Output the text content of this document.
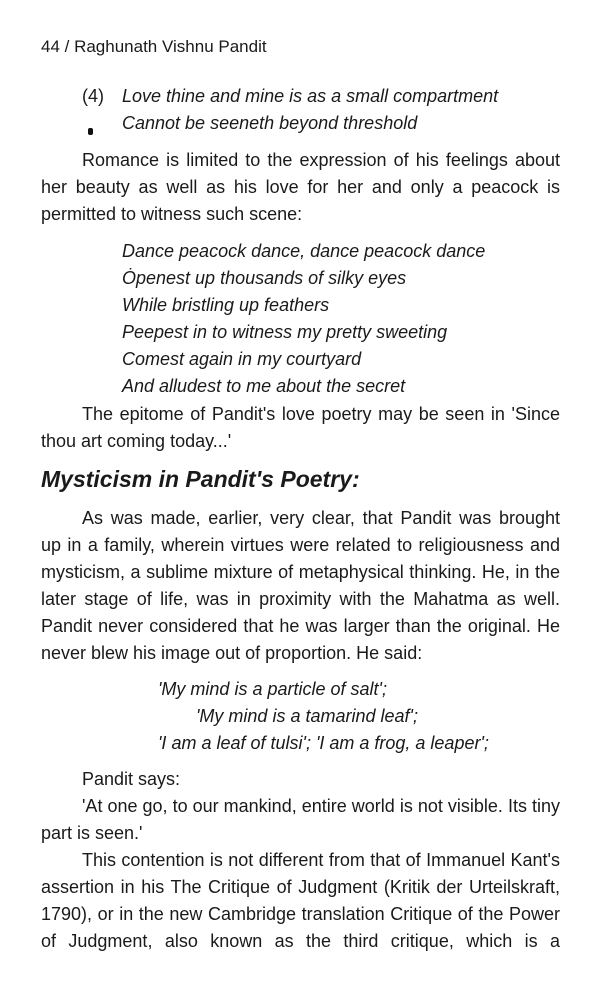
44 / Raghunath Vishnu Pandit
(4) Love thine and mine is as a small compartment
Cannot be seeneth beyond threshold
Romance is limited to the expression of his feelings about
her beauty as well as his love for her and only a peacock is
permitted to witness such scene:
Dance peacock dance, dance peacock dance
Ȯpenest up thousands of silky eyes
While bristling up feathers
Peepest in to witness my pretty sweeting
Comest again in my courtyard
And alludest to me about the secret
The epitome of Pandit's love poetry may be seen in 'Since
thou art coming today...'
Mysticism in Pandit's Poetry:
As was made, earlier, very clear, that Pandit was brought
up in a family, wherein virtues were related to religiousness and
mysticism, a sublime mixture of metaphysical thinking. He, in the
later stage of life, was in proximity with the Mahatma as well.
Pandit never considered that he was larger than the original. He
never blew his image out of proportion. He said:
'My mind is a particle of salt';
'My mind is a tamarind leaf';
'I am a leaf of tulsi'; 'I am a frog, a leaper';
Pandit says:
'At one go, to our mankind, entire world is not visible. Its tiny
part is seen.'
This contention is not different from that of Immanuel Kant's
assertion in his The Critique of Judgment (Kritik der Urteilskraft,
1790), or in the new Cambridge translation Critique of the Power
of Judgment, also known as the third critique, which is a
